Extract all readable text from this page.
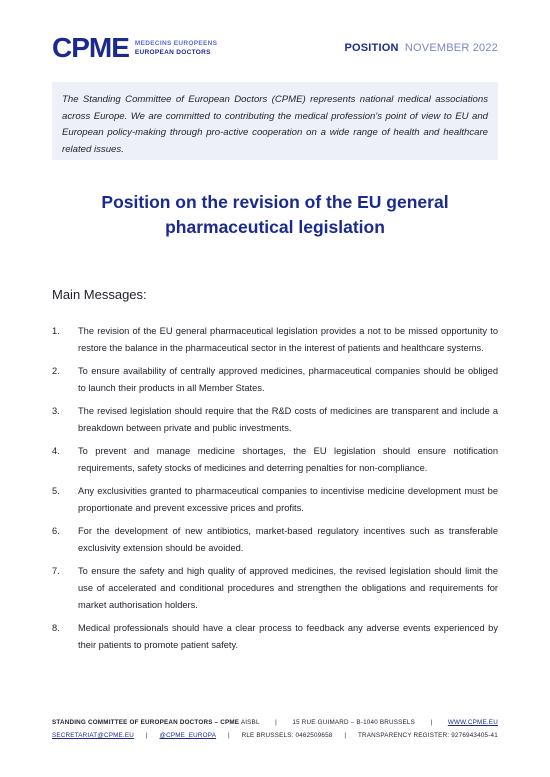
CPME MEDECINS EUROPEENS
EUROPEAN DOCTORS	POSITION NOVEMBER 2022

The Standing Committee of European Doctors (CPME) represents national medical associations across Europe. We are committed to contributing the medical profession's point of view to EU and European policy-making through pro-active cooperation on a wide range of health and healthcare related issues.

Position on the revision of the EU general pharmaceutical legislation
Main Messages:
1.	The revision of the EU general pharmaceutical legislation provides a not to be missed opportunity to restore the balance in the pharmaceutical sector in the interest of patients and healthcare systems.
2.	To ensure availability of centrally approved medicines, pharmaceutical companies should be obliged to launch their products in all Member States.
3.	The revised legislation should require that the R&D costs of medicines are transparent and include a breakdown between private and public investments.
4.	To prevent and manage medicine shortages, the EU legislation should ensure notification requirements, safety stocks of medicines and deterring penalties for non-compliance.
5.	Any exclusivities granted to pharmaceutical companies to incentivise medicine development must be proportionate and prevent excessive prices and profits.
6.	For the development of new antibiotics, market-based regulatory incentives such as transferable exclusivity extension should be avoided.
7.	To ensure the safety and high quality of approved medicines, the revised legislation should limit the use of accelerated and conditional procedures and strengthen the obligations and requirements for market authorisation holders.
8.	Medical professionals should have a clear process to feedback any adverse events experienced by their patients to promote patient safety.
STANDING COMMITTEE OF EUROPEAN DOCTORS – CPME AISBL | 15 RUE GUIMARD – B-1040 BRUSSELS | WWW.CPME.EU
SECRETARIAT@CPME.EU | @CPME_EUROPA | RLE BRUSSELS: 0462509658 | TRANSPARENCY REGISTER: 9276943405-41
